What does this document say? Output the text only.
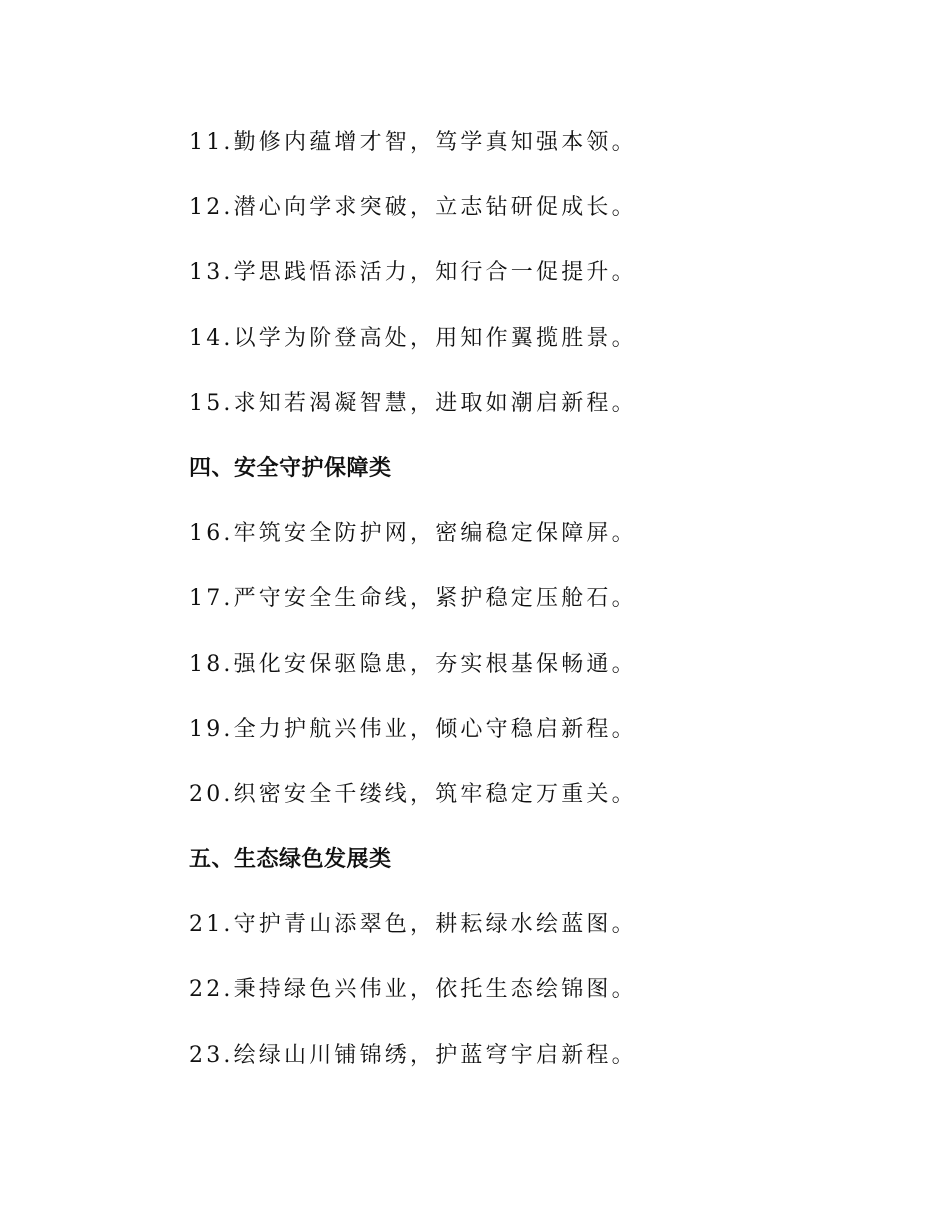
11.勤修内蕴增才智，笃学真知强本领。
12.潜心向学求突破，立志钻研促成长。
13.学思践悟添活力，知行合一促提升。
14.以学为阶登高处，用知作翼揽胜景。
15.求知若渴凝智慧，进取如潮启新程。
四、安全守护保障类
16.牢筑安全防护网，密编稳定保障屏。
17.严守安全生命线，紧护稳定压舱石。
18.强化安保驱隐患，夯实根基保畅通。
19.全力护航兴伟业，倾心守稳启新程。
20.织密安全千缕线，筑牢稳定万重关。
五、生态绿色发展类
21.守护青山添翠色，耕耘绿水绘蓝图。
22.秉持绿色兴伟业，依托生态绘锦图。
23.绘绿山川铺锦绣，护蓝穹宇启新程。
